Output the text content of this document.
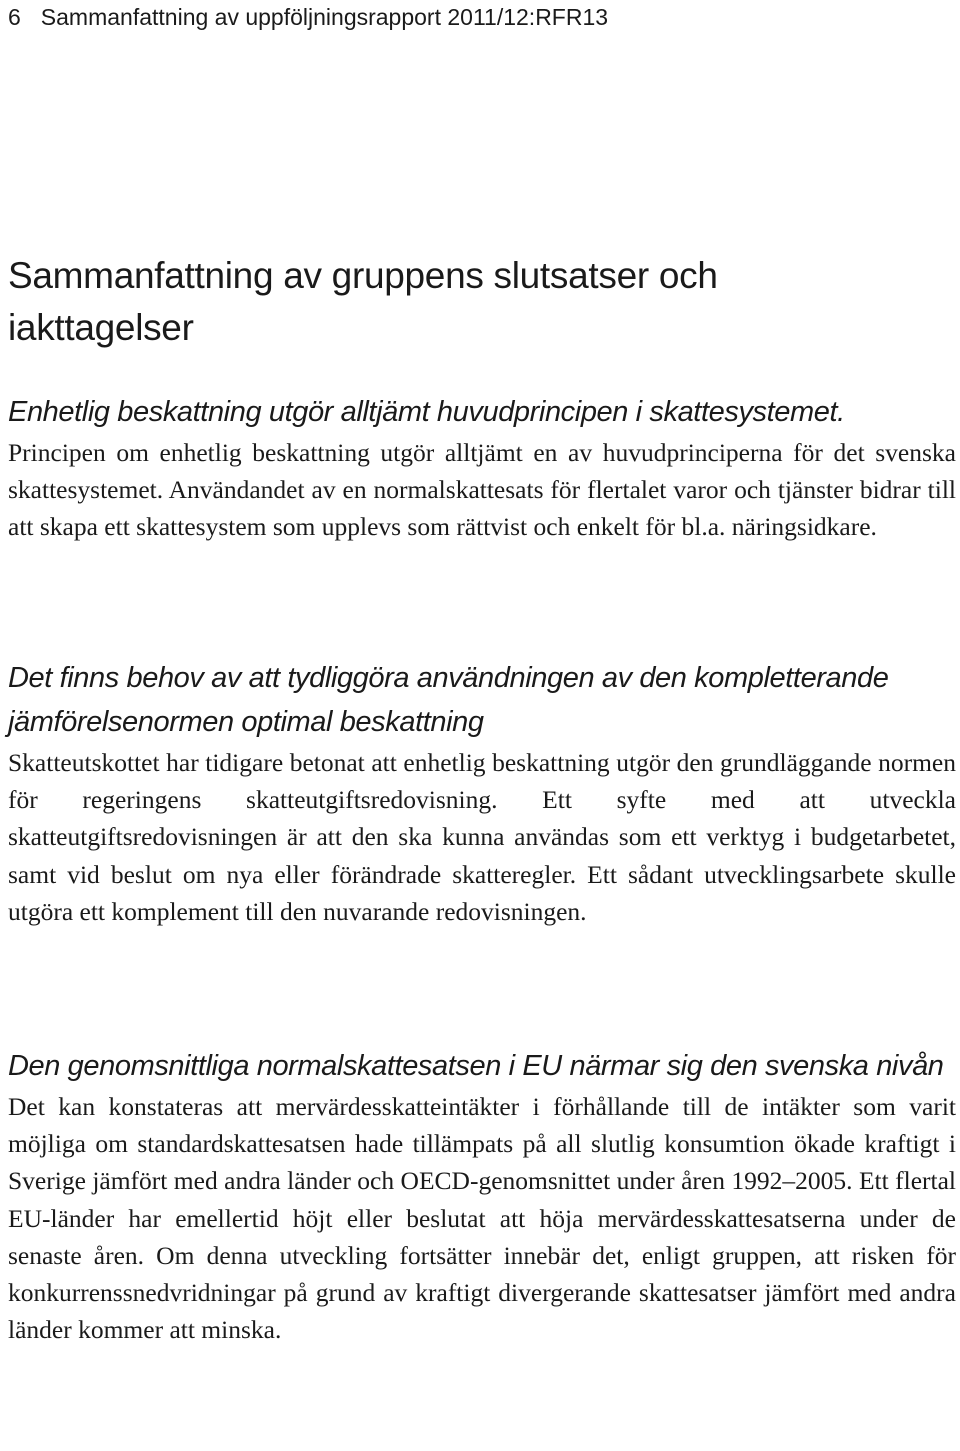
6 Sammanfattning av uppföljningsrapport 2011/12:RFR13
Sammanfattning av gruppens slutsatser och iakttagelser
Enhetlig beskattning utgör alltjämt huvudprincipen i skattesystemet.

Principen om enhetlig beskattning utgör alltjämt en av huvudprinciperna för det svenska skattesystemet. Användandet av en normalskattesats för flertalet varor och tjänster bidrar till att skapa ett skattesystem som upplevs som rättvist och enkelt för bl.a. näringsidkare.

Det finns behov av att tydliggöra användningen av den kompletterande jämförelsenormen optimal beskattning

Skatteutskottet har tidigare betonat att enhetlig beskattning utgör den grundläggande normen för regeringens skatteutgiftsredovisning. Ett syfte med att utveckla skatteutgiftsredovisningen är att den ska kunna användas som ett verktyg i budgetarbetet, samt vid beslut om nya eller förändrade skatteregler. Ett sådant utvecklingsarbete skulle utgöra ett komplement till den nuvarande redovisningen.

Den genomsnittliga normalskattesatsen i EU närmar sig den svenska nivån

Det kan konstateras att mervärdesskatteintäkter i förhållande till de intäkter som varit möjliga om standardskattesatsen hade tillämpats på all slutlig konsumtion ökade kraftigt i Sverige jämfört med andra länder och OECD-genomsnittet under åren 1992–2005. Ett flertal EU-länder har emellertid höjt eller beslutat att höja mervärdesskattesatserna under de senaste åren. Om denna utveckling fortsätter innebär det, enligt gruppen, att risken för konkurrenssnedvridningar på grund av kraftigt divergerande skattesatser jämfört med andra länder kommer att minska.
